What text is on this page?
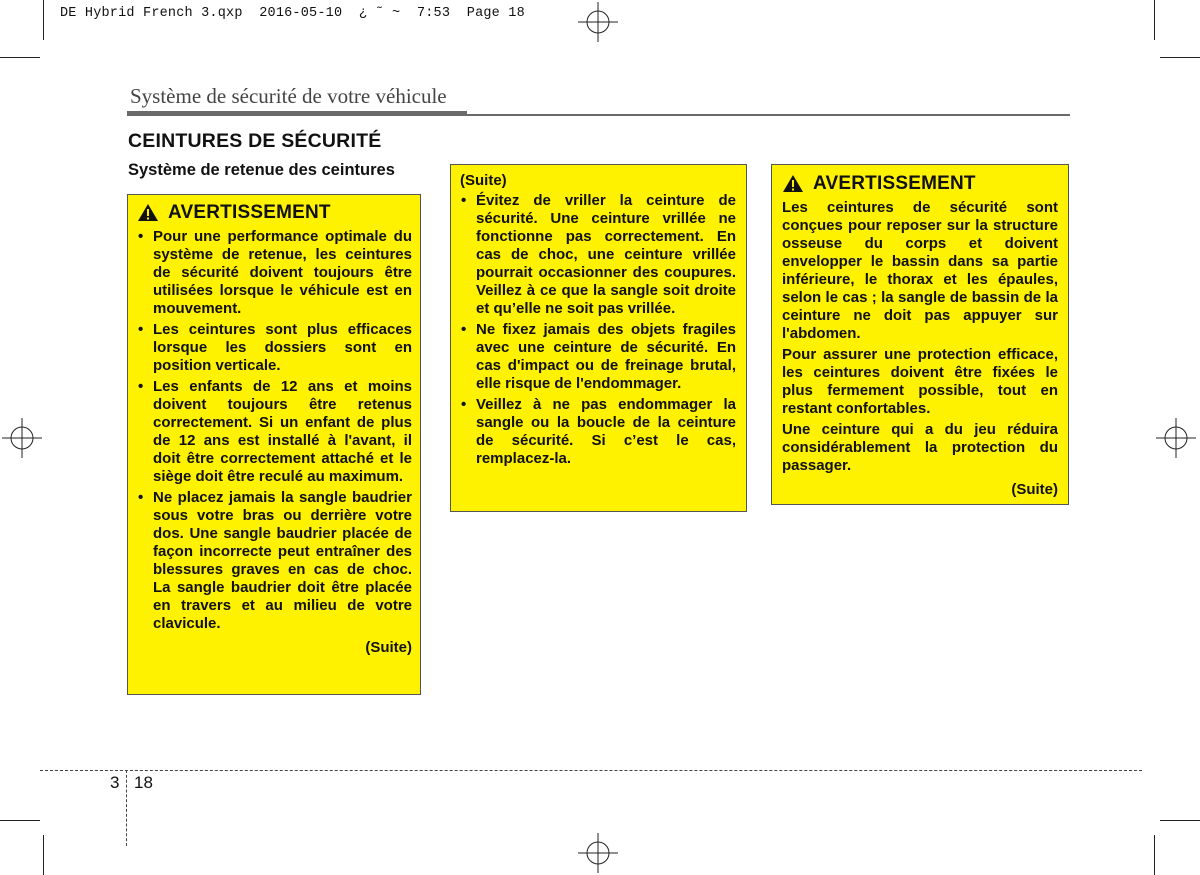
DE Hybrid French 3.qxp  2016-05-10  ¿ ˜ ~  7:53  Page 18
Système de sécurité de votre véhicule
CEINTURES DE SÉCURITÉ
Système de retenue des ceintures
AVERTISSEMENT
• Pour une performance optimale du système de retenue, les ceintures de sécurité doivent toujours être utilisées lorsque le véhicule est en mouvement.
• Les ceintures sont plus efficaces lorsque les dossiers sont en position verticale.
• Les enfants de 12 ans et moins doivent toujours être retenus correctement. Si un enfant de plus de 12 ans est installé à l'avant, il doit être correctement attaché et le siège doit être reculé au maximum.
• Ne placez jamais la sangle baudrier sous votre bras ou derrière votre dos. Une sangle baudrier placée de façon incorrecte peut entraîner des blessures graves en cas de choc. La sangle baudrier doit être placée en travers et au milieu de votre clavicule.
(Suite)
(Suite)
• Évitez de vriller la ceinture de sécurité. Une ceinture vrillée ne fonctionne pas correctement. En cas de choc, une ceinture vrillée pourrait occasionner des coupures. Veillez à ce que la sangle soit droite et qu’elle ne soit pas vrillée.
• Ne fixez jamais des objets fragiles avec une ceinture de sécurité. En cas d'impact ou de freinage brutal, elle risque de l'endommager.
• Veillez à ne pas endommager la sangle ou la boucle de la ceinture de sécurité. Si c’est le cas, remplacez-la.
AVERTISSEMENT

Les ceintures de sécurité sont conçues pour reposer sur la structure osseuse du corps et doivent envelopper le bassin dans sa partie inférieure, le thorax et les épaules, selon le cas ; la sangle de bassin de la ceinture ne doit pas appuyer sur l'abdomen.

Pour assurer une protection efficace, les ceintures doivent être fixées le plus fermement possible, tout en restant confortables.

Une ceinture qui a du jeu réduira considérablement la protection du passager.

(Suite)
3 18
